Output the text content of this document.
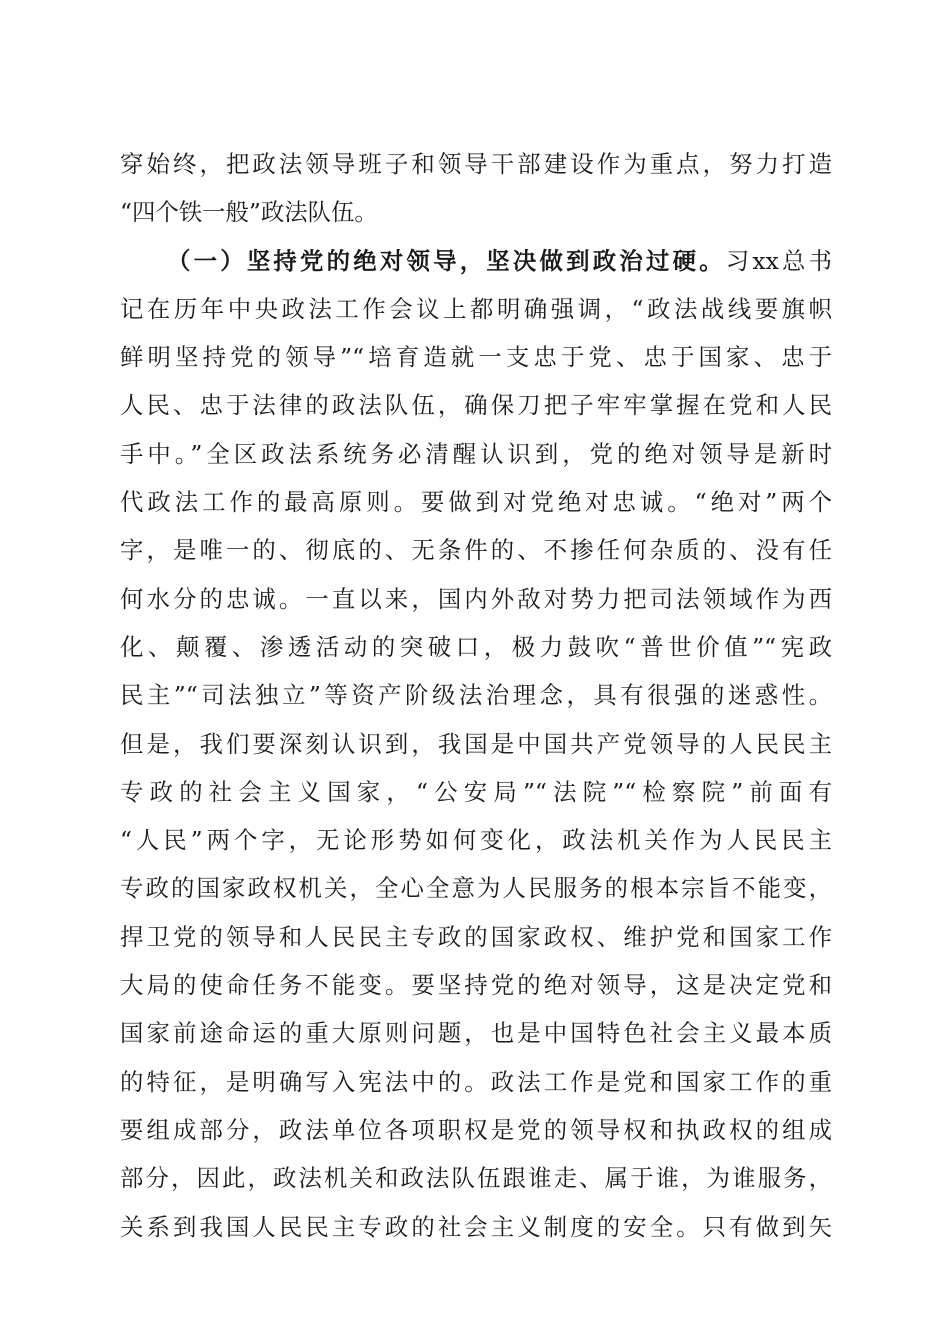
穿始终，把政法领导班子和领导干部建设作为重点，努力打造
“四个铁一般”政法队伍。
（一）坚持党的绝对领导，坚决做到政治过硬。习xx总书
记在历年中央政法工作会议上都明确强调，“政法战线要旗帜
鲜明坚持党的领导”“培育造就一支忠于党、忠于国家、忠于
人民、忠于法律的政法队伍，确保刀把子牢牢掌握在党和人民
手中。”全区政法系统务必清醒认识到，党的绝对领导是新时
代政法工作的最高原则。要做到对党绝对忠诚。“绝对”两个
字，是唯一的、彻底的、无条件的、不掺任何杂质的、没有任
何水分的忠诚。一直以来，国内外敌对势力把司法领域作为西
化、颠覆、渗透活动的突破口，极力鼓吹“普世价值”“宪政
民主”“司法独立”等资产阶级法治理念，具有很强的迷惑性。
但是，我们要深刻认识到，我国是中国共产党领导的人民民主
专政的社会主义国家，“公安局”“法院”“检察院”前面有
“人民”两个字，无论形势如何变化，政法机关作为人民民主
专政的国家政权机关，全心全意为人民服务的根本宗旨不能变，
捍卫党的领导和人民民主专政的国家政权、维护党和国家工作
大局的使命任务不能变。要坚持党的绝对领导，这是决定党和
国家前途命运的重大原则问题，也是中国特色社会主义最本质
的特征，是明确写入宪法中的。政法工作是党和国家工作的重
要组成部分，政法单位各项职权是党的领导权和执政权的组成
部分，因此，政法机关和政法队伍跟谁走、属于谁，为谁服务，
关系到我国人民民主专政的社会主义制度的安全。只有做到矢
